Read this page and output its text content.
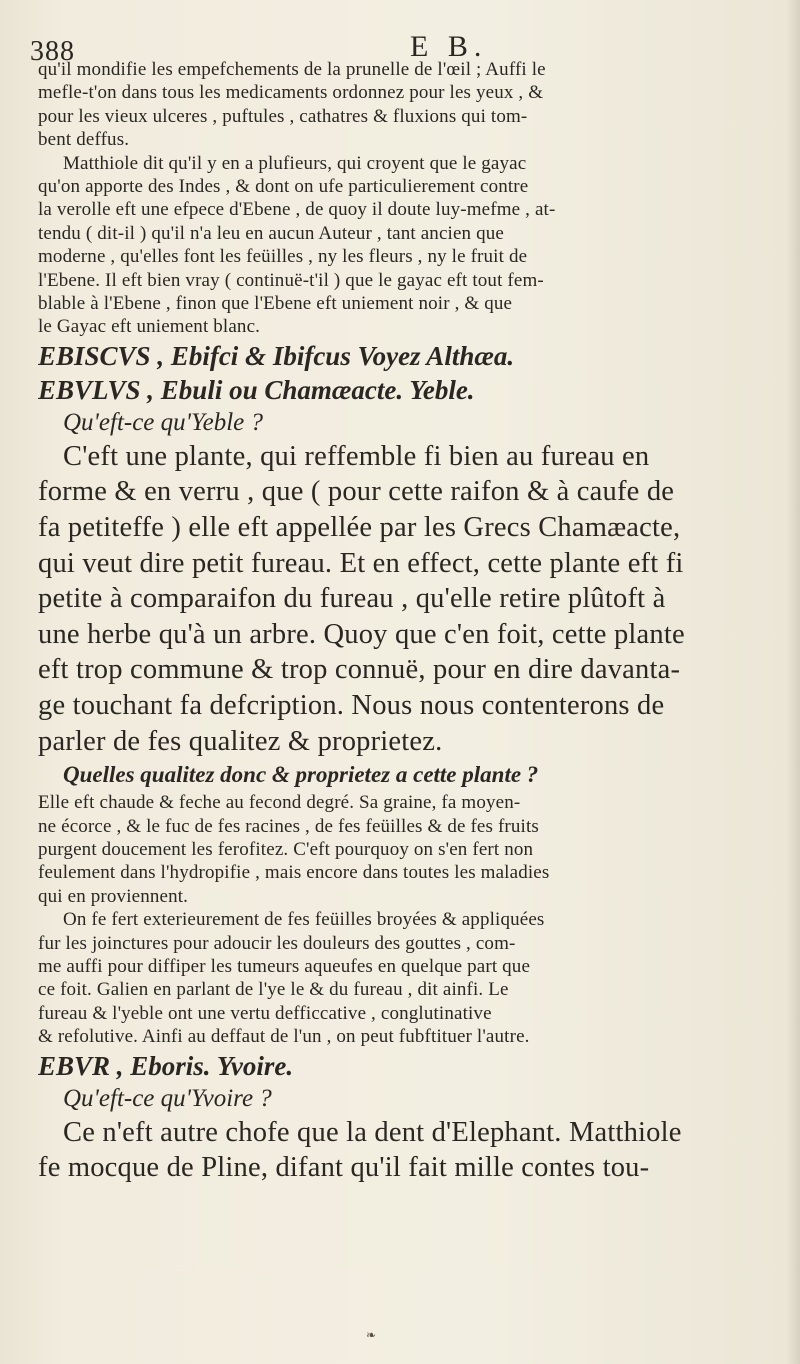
388	E B.
qu'il mondifie les empefchements de la prunelle de l'œil ; Auffi le
mefle-t'on dans tous les medicaments ordonnez pour les yeux , &
pour les vieux ulceres , puftules , cathatres & fluxions qui tom-
bent deffus.
Matthiole dit qu'il y en a plufieurs, qui croyent que le gayac
qu'on apporte des Indes , & dont on ufe particulierement contre
la verolle eft une efpece d'Ebene , de quoy il doute luy-mefme , at-
tendu ( dit-il ) qu'il n'a leu en aucun Auteur , tant ancien que
moderne , qu'elles font les feüilles , ny les fleurs , ny le fruit de
l'Ebene. Il eft bien vray ( continuë-t'il ) que le gayac eft tout fem-
blable à l'Ebene , finon que l'Ebene eft uniement noir , & que
le Gayac eft uniement blanc.
EBISCVS , Ebifci & Ibifcus Voyez Althæa.
EBVLVS , Ebuli ou Chamæacte. Yeble.
Qu'eft-ce qu'Yeble ?
C'eft une plante, qui reffemble fi bien au fureau en
forme & en verru , que ( pour cette raifon & à caufe de
fa petiteffe ) elle eft appellée par les Grecs Chamæacte,
qui veut dire petit fureau. Et en effect, cette plante eft fi
petite à comparaifon du fureau , qu'elle retire plûtoft à
une herbe qu'à un arbre. Quoy que c'en foit, cette plante
eft trop commune & trop connuë, pour en dire davanta-
ge touchant fa defcription. Nous nous contenterons de
parler de fes qualitez & proprietez.
Quelles qualitez donc & proprietez a cette plante ?
Elle eft chaude & feche au fecond degré. Sa graine, fa moyen-
ne écorce , & le fuc de fes racines , de fes feüilles & de fes fruits
purgent doucement les ferofitez. C'eft pourquoy on s'en fert non
feulement dans l'hydropifie , mais encore dans toutes les maladies
qui en proviennent.
On fe fert exterieurement de fes feüilles broyées & appliquées
fur les joinctures pour adoucir les douleurs des gouttes , com-
me auffi pour diffiper les tumeurs aqueufes en quelque part que
ce foit. Galien en parlant de l'ye le & du fureau , dit ainfi. Le
fureau & l'yeble ont une vertu defficcative , conglutinative
& refolutive. Ainfi au deffaut de l'un , on peut fubftituer l'autre.
EBVR , Eboris. Yvoire.
Qu'eft-ce qu'Yvoire ?
Ce n'eft autre chofe que la dent d'Elephant. Matthiole
fe mocque de Pline, difant qu'il fait mille contes tou-
❧
